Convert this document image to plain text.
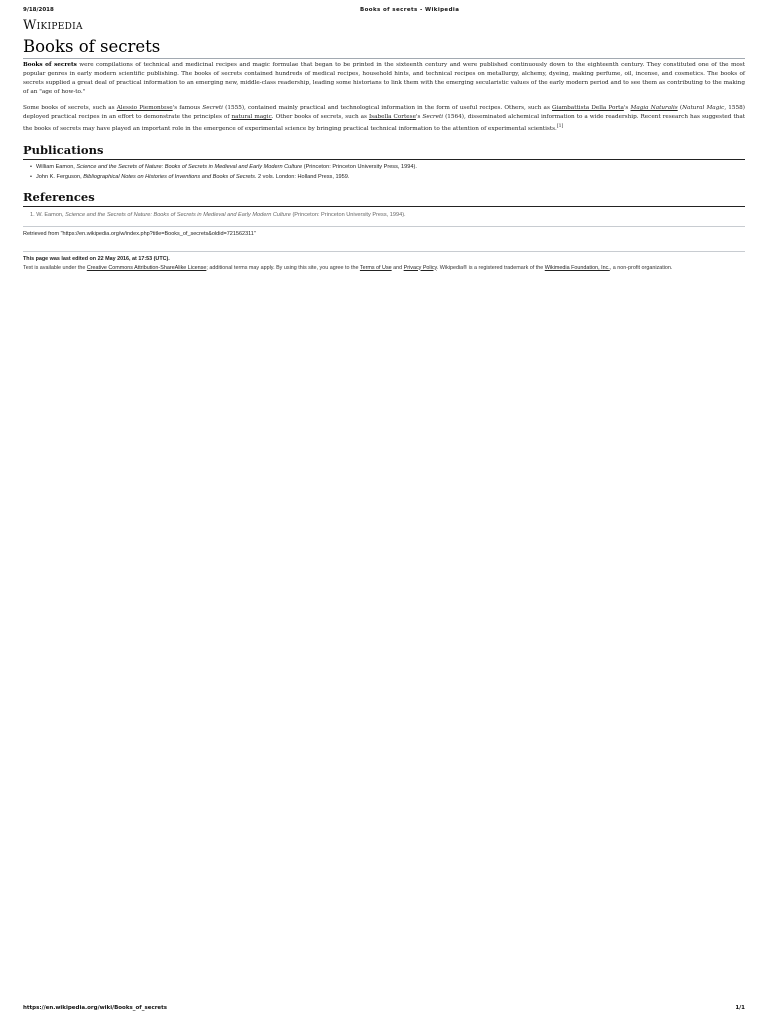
9/18/2018	Books of secrets - Wikipedia
Wikipedia
Books of secrets

Books of secrets were compilations of technical and medicinal recipes and magic formulae that began to be printed in the sixteenth century and were published continuously down to the eighteenth century. They constituted one of the most popular genres in early modern scientific publishing. The books of secrets contained hundreds of medical recipes, household hints, and technical recipes on metallurgy, alchemy, dyeing, making perfume, oil, incense, and cosmetics. The books of secrets supplied a great deal of practical information to an emerging new, middle-class readership, leading some historians to link them with the emerging secularistic values of the early modern period and to see them as contributing to the making of an "age of how-to."

Some books of secrets, such as Alessio Piemontese's famous Secreti (1555), contained mainly practical and technological information in the form of useful recipes. Others, such as Giambattista Della Porta's Magia Naturalis (Natural Magic, 1558) deployed practical recipes in an effort to demonstrate the principles of natural magic. Other books of secrets, such as Isabella Cortese's Secreti (1564), disseminated alchemical information to a wide readership. Recent research has suggested that the books of secrets may have played an important role in the emergence of experimental science by bringing practical technical information to the attention of experimental scientists.[1]

Publications
• William Eamon, Science and the Secrets of Nature: Books of Secrets in Medieval and Early Modern Culture (Princeton: Princeton University Press, 1994).
• John K. Ferguson, Bibliographical Notes on Histories of Inventions and Books of Secrets. 2 vols. London: Holland Press, 1959.
References
1. W. Eamon, Science and the Secrets of Nature: Books of Secrets in Medieval and Early Modern Culture (Princeton: Princeton University Press, 1994).
Retrieved from "https://en.wikipedia.org/w/index.php?title=Books_of_secrets&oldid=721562311"
This page was last edited on 22 May 2016, at 17:53 (UTC).
Text is available under the Creative Commons Attribution-ShareAlike License; additional terms may apply. By using this site, you agree to the Terms of Use and Privacy Policy. Wikipedia® is a registered trademark of the Wikimedia Foundation, Inc., a non-profit organization.
https://en.wikipedia.org/wiki/Books_of_secrets	1/1
